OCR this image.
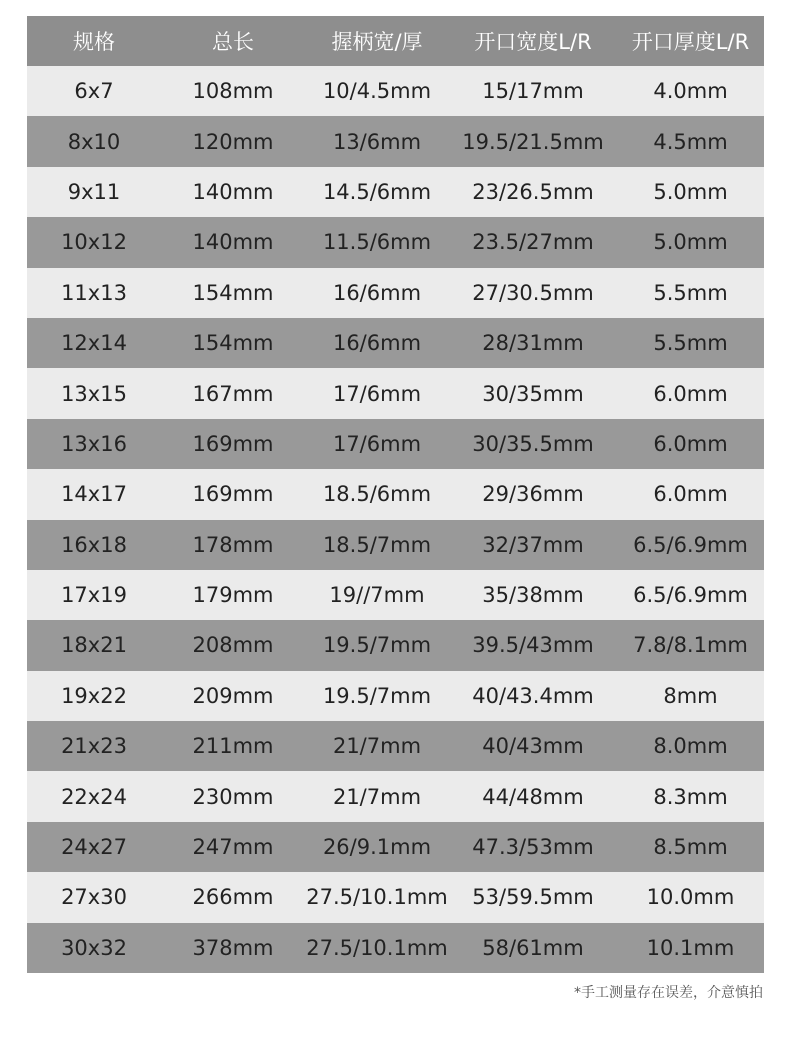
规格	总长	握柄宽/厚	开口宽度L/R	开口厚度L/R
6x7	108mm	10/4.5mm	15/17mm	4.0mm
8x10	120mm	13/6mm	19.5/21.5mm	4.5mm
9x11	140mm	14.5/6mm	23/26.5mm	5.0mm
10x12	140mm	11.5/6mm	23.5/27mm	5.0mm
11x13	154mm	16/6mm	27/30.5mm	5.5mm
12x14	154mm	16/6mm	28/31mm	5.5mm
13x15	167mm	17/6mm	30/35mm	6.0mm
13x16	169mm	17/6mm	30/35.5mm	6.0mm
14x17	169mm	18.5/6mm	29/36mm	6.0mm
16x18	178mm	18.5/7mm	32/37mm	6.5/6.9mm
17x19	179mm	19//7mm	35/38mm	6.5/6.9mm
18x21	208mm	19.5/7mm	39.5/43mm	7.8/8.1mm
19x22	209mm	19.5/7mm	40/43.4mm	8mm
21x23	211mm	21/7mm	40/43mm	8.0mm
22x24	230mm	21/7mm	44/48mm	8.3mm
24x27	247mm	26/9.1mm	47.3/53mm	8.5mm
27x30	266mm	27.5/10.1mm	53/59.5mm	10.0mm
30x32	378mm	27.5/10.1mm	58/61mm	10.1mm
*手工测量存在误差，介意慎拍
